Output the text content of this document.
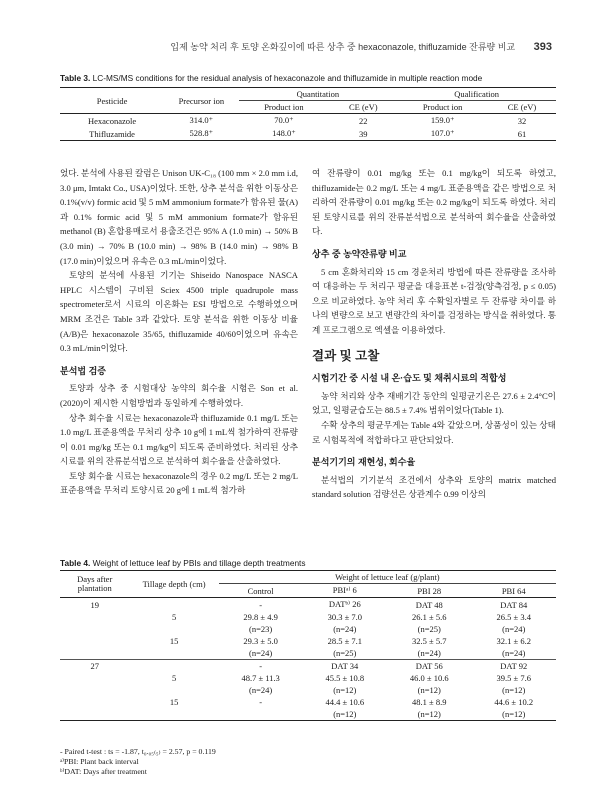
입제 농약 처리 후 토양 온화깊이에 따른 상추 중 hexaconazole, thifluzamide 잔류량 비교 393
Table 3. LC-MS/MS conditions for the residual analysis of hexaconazole and thifluzamide in multiple reaction mode
Pesticide	Precursor ion	Quantitation		Qualification	
		Product ion	CE (eV)	Product ion	CE (eV)
Hexaconazole	314.0⁺	70.0⁺	22	159.0⁺	32
Thifluzamide	528.8⁺	148.0⁺	39	107.0⁺	61

었다. 분석에 사용된 칼럼은 Unison UK-C₁₈ (100 mm × 2.0 mm i.d, 3.0 μm, Imtakt Co., USA)이었다. 또한, 상추 분석을 위한 이동상은 0.1%(v/v) formic acid 및 5 mM ammonium formate가 함유된 물(A)과 0.1% formic acid 및 5 mM ammonium formate가 함유된 methanol (B) 혼합용매로서 용출조건은 95% A (1.0 min) → 50% B (3.0 min) → 70% B (10.0 min) → 98% B (14.0 min) → 98% B (17.0 min)이었으며 유속은 0.3 mL/min이었다.

토양의 분석에 사용된 기기는 Shiseido Nanospace NASCA HPLC 시스템이 구비된 Sciex 4500 triple quadrupole mass spectrometer로서 시료의 이온화는 ESI 방법으로 수행하였으며 MRM 조건은 Table 3과 같았다. 토양 분석을 위한 이동상 비율(A/B)은 hexaconazole 35/65, thifluzamide 40/60이었으며 유속은 0.3 mL/min이었다.

분석법 검증

토양과 상추 중 시험대상 농약의 회수율 시험은 Son et al. (2020)이 제시한 시험방법과 동일하게 수행하였다.

상추 회수율 시료는 hexaconazole과 thifluzamide 0.1 mg/L 또는 1.0 mg/L 표준용액을 무처리 상추 10 g에 1 mL씩 첨가하여 잔류량이 0.01 mg/kg 또는 0.1 mg/kg이 되도록 준비하였다. 처리된 상추시료를 위의 잔류분석법으로 분석하여 회수율을 산출하였다.

토양 회수율 시료는 hexaconazole의 경우 0.2 mg/L 또는 2 mg/L 표준용액을 무처리 토양시료 20 g에 1 mL씩 첨가하

여 잔류량이 0.01 mg/kg 또는 0.1 mg/kg이 되도록 하였고, thifluzamide는 0.2 mg/L 또는 4 mg/L 표준용액을 같은 방법으로 처리하여 잔류량이 0.01 mg/kg 또는 0.2 mg/kg이 되도록 하였다. 처리된 토양시료를 위의 잔류분석법으로 분석하여 회수율을 산출하였다.

상추 중 농약잔류량 비교

5 cm 혼화처리와 15 cm 경운처리 방법에 따른 잔류량을 조사하여 대응하는 두 처리구 평균을 대응표본 t-검정(양측검정, p ≤ 0.05)으로 비교하였다. 농약 처리 후 수확일자별로 두 잔류량 차이를 하나의 변량으로 보고 변량간의 차이를 검정하는 방식을 취하였다. 통계 프로그램으로 엑셀을 이용하였다.

결과 및 고찰
시험기간 중 시설 내 온·습도 및 채취시료의 적합성

농약 처리와 상추 재배기간 동안의 일평균기온은 27.6 ± 2.4°C이었고, 일평균습도는 88.5 ± 7.4% 범위이었다(Table 1).

수확 상추의 평균무게는 Table 4와 같았으며, 상품성이 있는 상태로 시험목적에 적합하다고 판단되었다.

분석기기의 재현성, 회수율

분석법의 기기분석 조건에서 상추와 토양의 matrix matched standard solution 검량선은 상관계수 0.99 이상의

Table 4. Weight of lettuce leaf by PBIs and tillage depth treatments
Days after plantation	Tillage depth (cm)	Weight of lettuce leaf (g/plant)			
		Control	PBIᵃ⁾ 6	PBI 28	PBI 64
19		-	DATᵇ⁾ 26	DAT 48	DAT 84
	5	29.8 ± 4.9	30.3 ± 7.0	26.1 ± 5.6	26.5 ± 3.4
		(n=23)	(n=24)	(n=25)	(n=24)
	15	29.3 ± 5.0	28.5 ± 7.1	32.5 ± 5.7	32.1 ± 6.2
		(n=24)	(n=25)	(n=24)	(n=24)
27		-	DAT 34	DAT 56	DAT 92
	5	48.7 ± 11.3	45.5 ± 10.8	46.0 ± 10.6	39.5 ± 7.6
		(n=24)	(n=12)	(n=12)	(n=12)
	15	-	44.4 ± 10.6	48.1 ± 8.9	44.6 ± 10.2
			(n=12)	(n=12)	(n=12)
- Paired t-test : ts = -1.87, t₀.₀₅₍₅₎ = 2.57, p = 0.119
ᵃ⁾PBI: Plant back interval
ᵇ⁾DAT: Days after treatment
